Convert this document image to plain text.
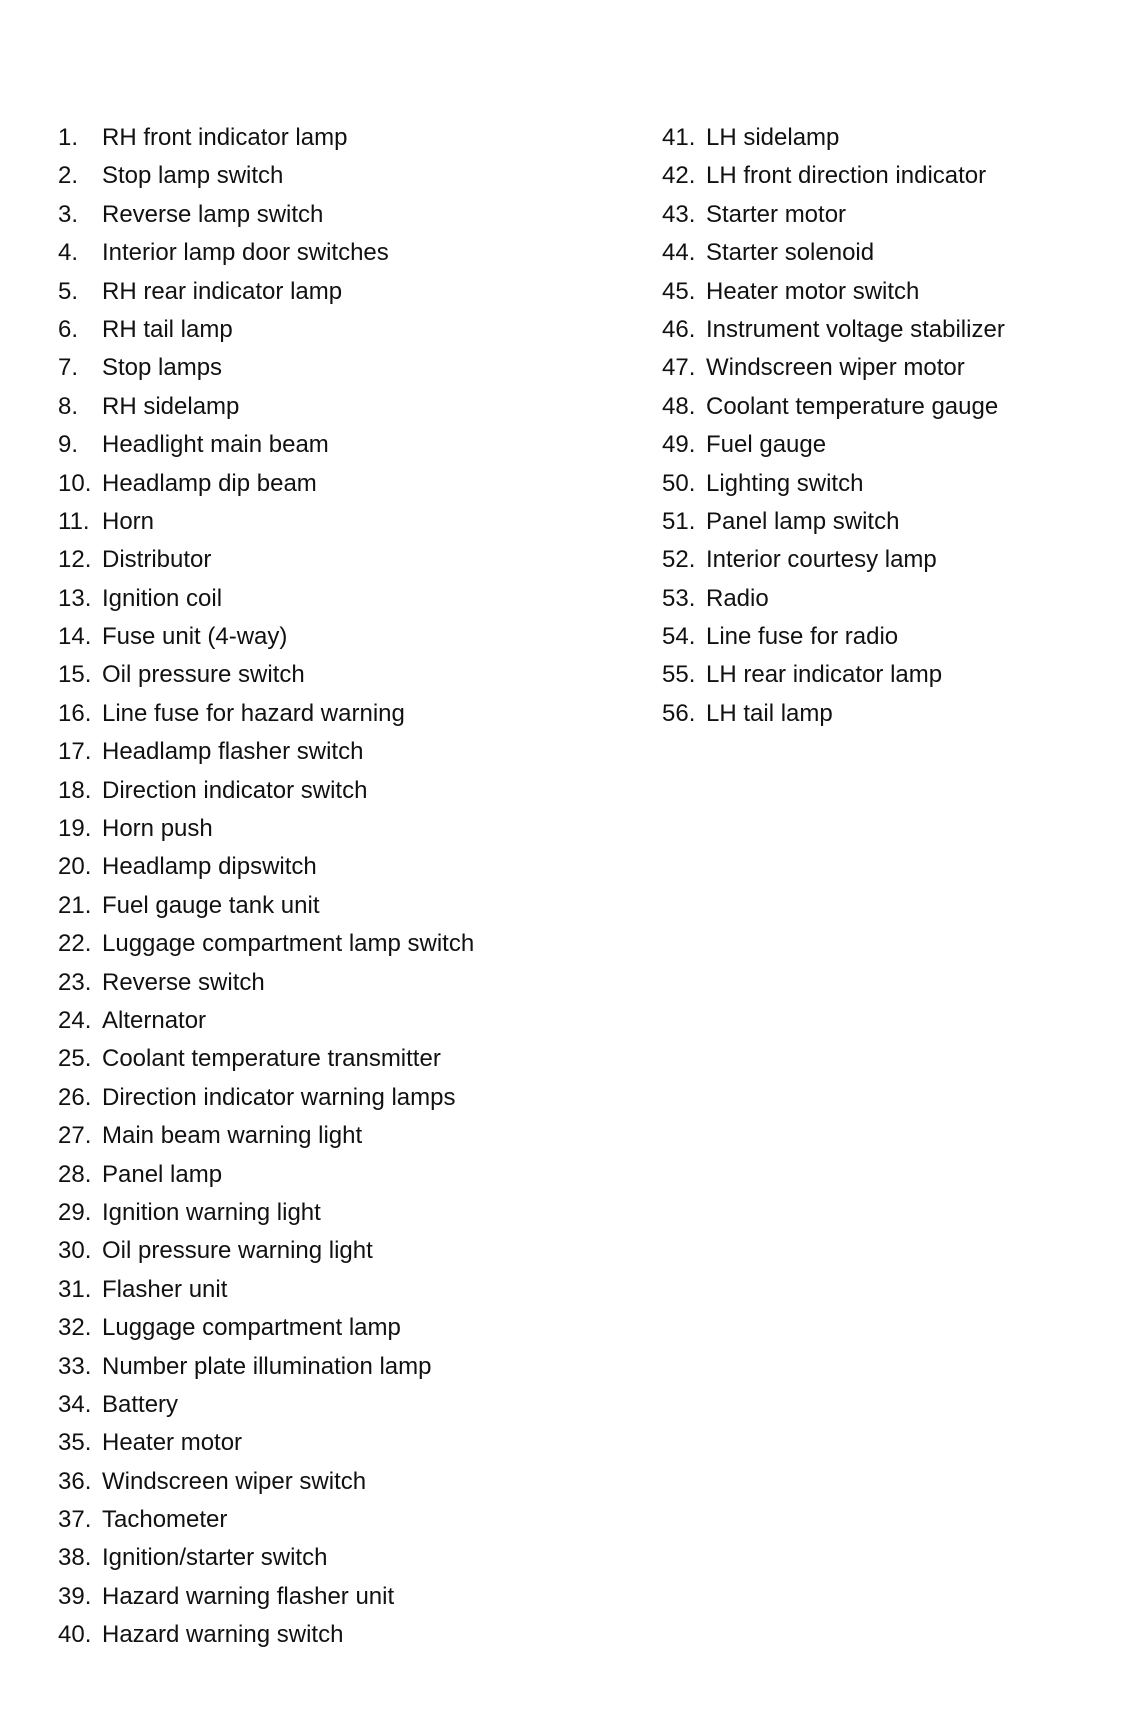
1. RH front indicator lamp
2. Stop lamp switch
3. Reverse lamp switch
4. Interior lamp door switches
5. RH rear indicator lamp
6. RH tail lamp
7. Stop lamps
8. RH sidelamp
9. Headlight main beam
10. Headlamp dip beam
11. Horn
12. Distributor
13. Ignition coil
14. Fuse unit (4-way)
15. Oil pressure switch
16. Line fuse for hazard warning
17. Headlamp flasher switch
18. Direction indicator switch
19. Horn push
20. Headlamp dipswitch
21. Fuel gauge tank unit
22. Luggage compartment lamp switch
23. Reverse switch
24. Alternator
25. Coolant temperature transmitter
26. Direction indicator warning lamps
27. Main beam warning light
28. Panel lamp
29. Ignition warning light
30. Oil pressure warning light
31. Flasher unit
32. Luggage compartment lamp
33. Number plate illumination lamp
34. Battery
35. Heater motor
36. Windscreen wiper switch
37. Tachometer
38. Ignition/starter switch
39. Hazard warning flasher unit
40. Hazard warning switch
41. LH sidelamp
42. LH front direction indicator
43. Starter motor
44. Starter solenoid
45. Heater motor switch
46. Instrument voltage stabilizer
47. Windscreen wiper motor
48. Coolant temperature gauge
49. Fuel gauge
50. Lighting switch
51. Panel lamp switch
52. Interior courtesy lamp
53. Radio
54. Line fuse for radio
55. LH rear indicator lamp
56. LH tail lamp
